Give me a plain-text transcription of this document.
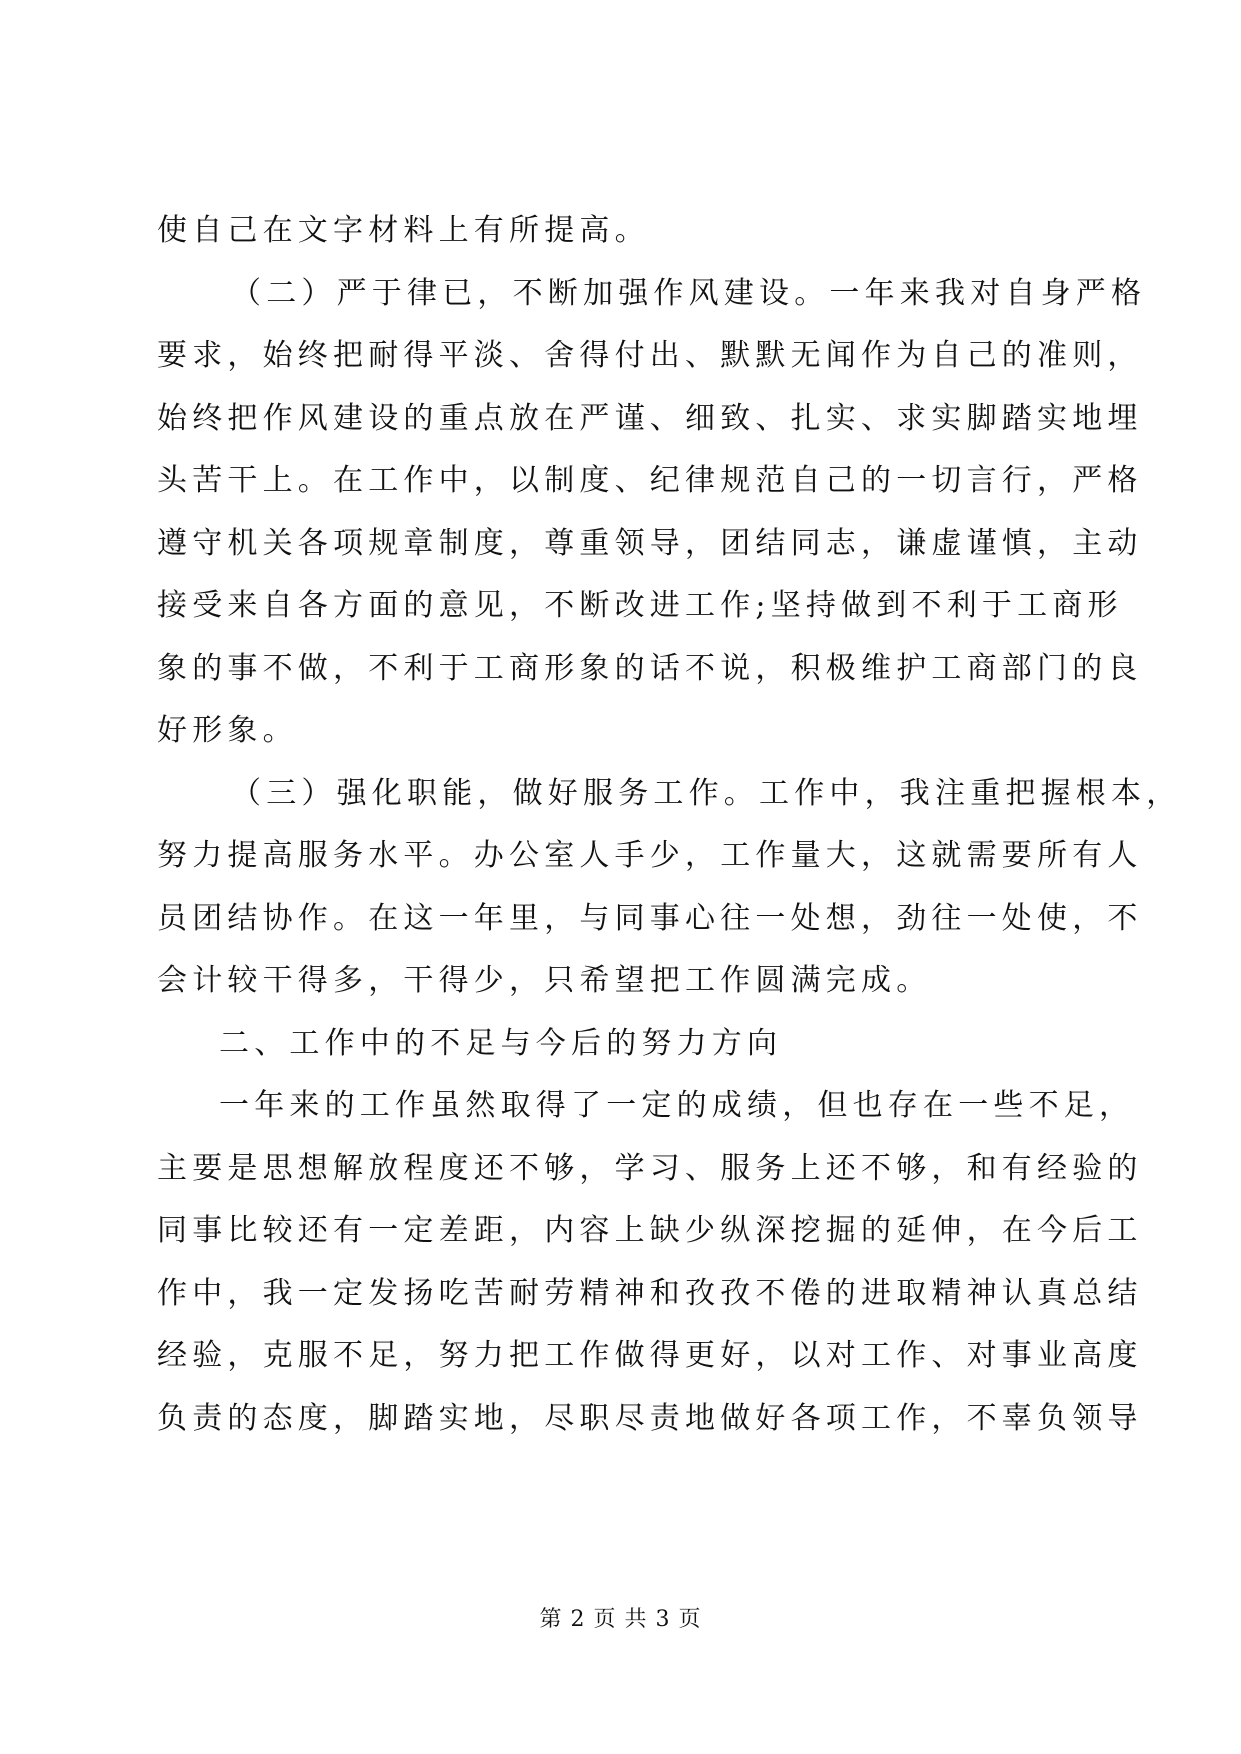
使自己在文字材料上有所提高。
（二）严于律已，不断加强作风建设。一年来我对自身严格
要求，始终把耐得平淡、舍得付出、默默无闻作为自己的准则，
始终把作风建设的重点放在严谨、细致、扎实、求实脚踏实地埋
头苦干上。在工作中，以制度、纪律规范自己的一切言行，严格
遵守机关各项规章制度，尊重领导，团结同志，谦虚谨慎，主动
接受来自各方面的意见，不断改进工作;坚持做到不利于工商形
象的事不做，不利于工商形象的话不说，积极维护工商部门的良
好形象。
（三）强化职能，做好服务工作。工作中，我注重把握根本，
努力提高服务水平。办公室人手少，工作量大，这就需要所有人
员团结协作。在这一年里，与同事心往一处想，劲往一处使，不
会计较干得多，干得少，只希望把工作圆满完成。
二、工作中的不足与今后的努力方向
一年来的工作虽然取得了一定的成绩，但也存在一些不足，
主要是思想解放程度还不够，学习、服务上还不够，和有经验的
同事比较还有一定差距，内容上缺少纵深挖掘的延伸，在今后工
作中，我一定发扬吃苦耐劳精神和孜孜不倦的进取精神认真总结
经验，克服不足，努力把工作做得更好，以对工作、对事业高度
负责的态度，脚踏实地，尽职尽责地做好各项工作，不辜负领导
第 2 页 共 3 页
